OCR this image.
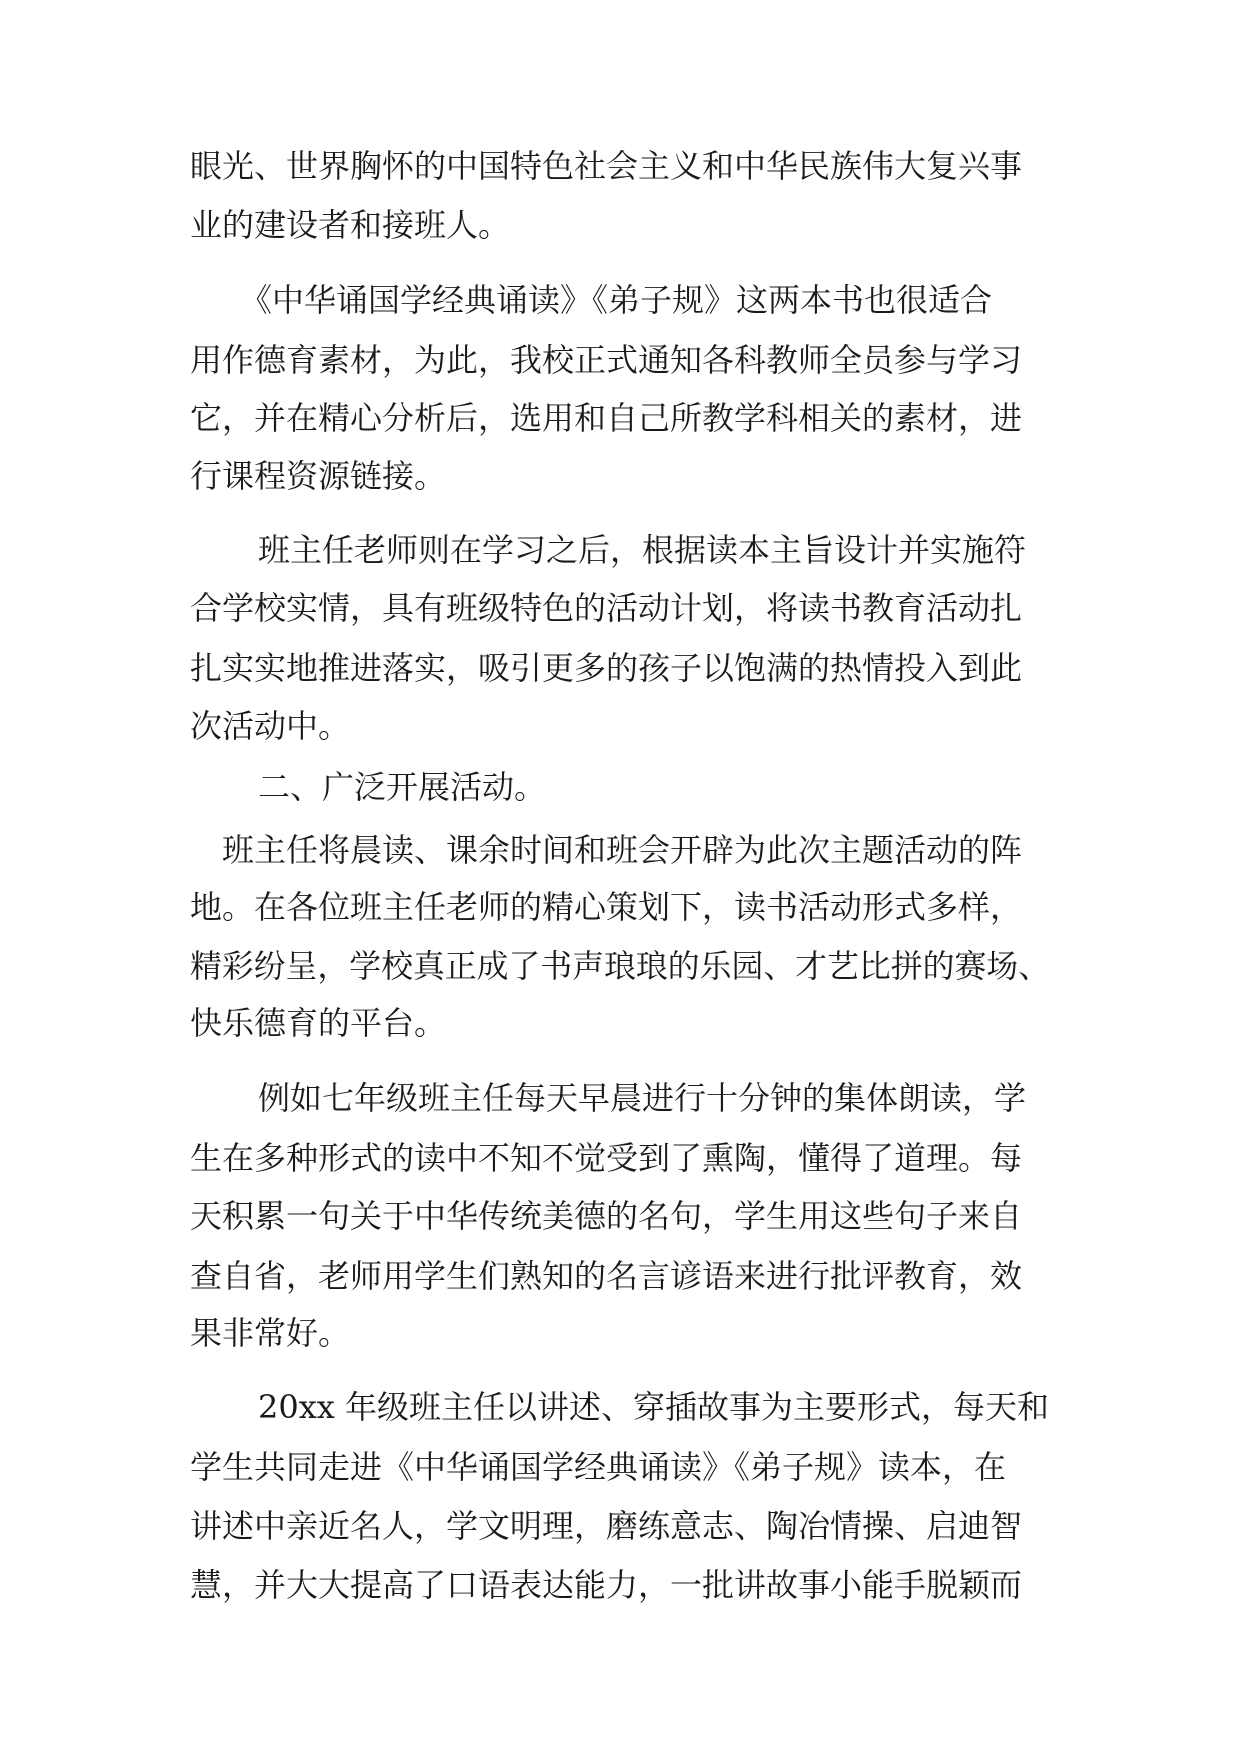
眼光、世界胸怀的中国特色社会主义和中华民族伟大复兴事
业的建设者和接班人。
《中华诵国学经典诵读》《弟子规》这两本书也很适合
用作德育素材，为此，我校正式通知各科教师全员参与学习
它，并在精心分析后，选用和自己所教学科相关的素材，进
行课程资源链接。
班主任老师则在学习之后，根据读本主旨设计并实施符
合学校实情，具有班级特色的活动计划，将读书教育活动扎
扎实实地推进落实，吸引更多的孩子以饱满的热情投入到此
次活动中。
二、广泛开展活动。
班主任将晨读、课余时间和班会开辟为此次主题活动的阵
地。在各位班主任老师的精心策划下，读书活动形式多样，
精彩纷呈，学校真正成了书声琅琅的乐园、才艺比拼的赛场、
快乐德育的平台。
例如七年级班主任每天早晨进行十分钟的集体朗读，学
生在多种形式的读中不知不觉受到了熏陶，懂得了道理。每
天积累一句关于中华传统美德的名句，学生用这些句子来自
查自省，老师用学生们熟知的名言谚语来进行批评教育，效
果非常好。
20xx 年级班主任以讲述、穿插故事为主要形式，每天和
学生共同走进《中华诵国学经典诵读》《弟子规》读本，在
讲述中亲近名人，学文明理，磨练意志、陶冶情操、启迪智
慧，并大大提高了口语表达能力，一批讲故事小能手脱颖而
